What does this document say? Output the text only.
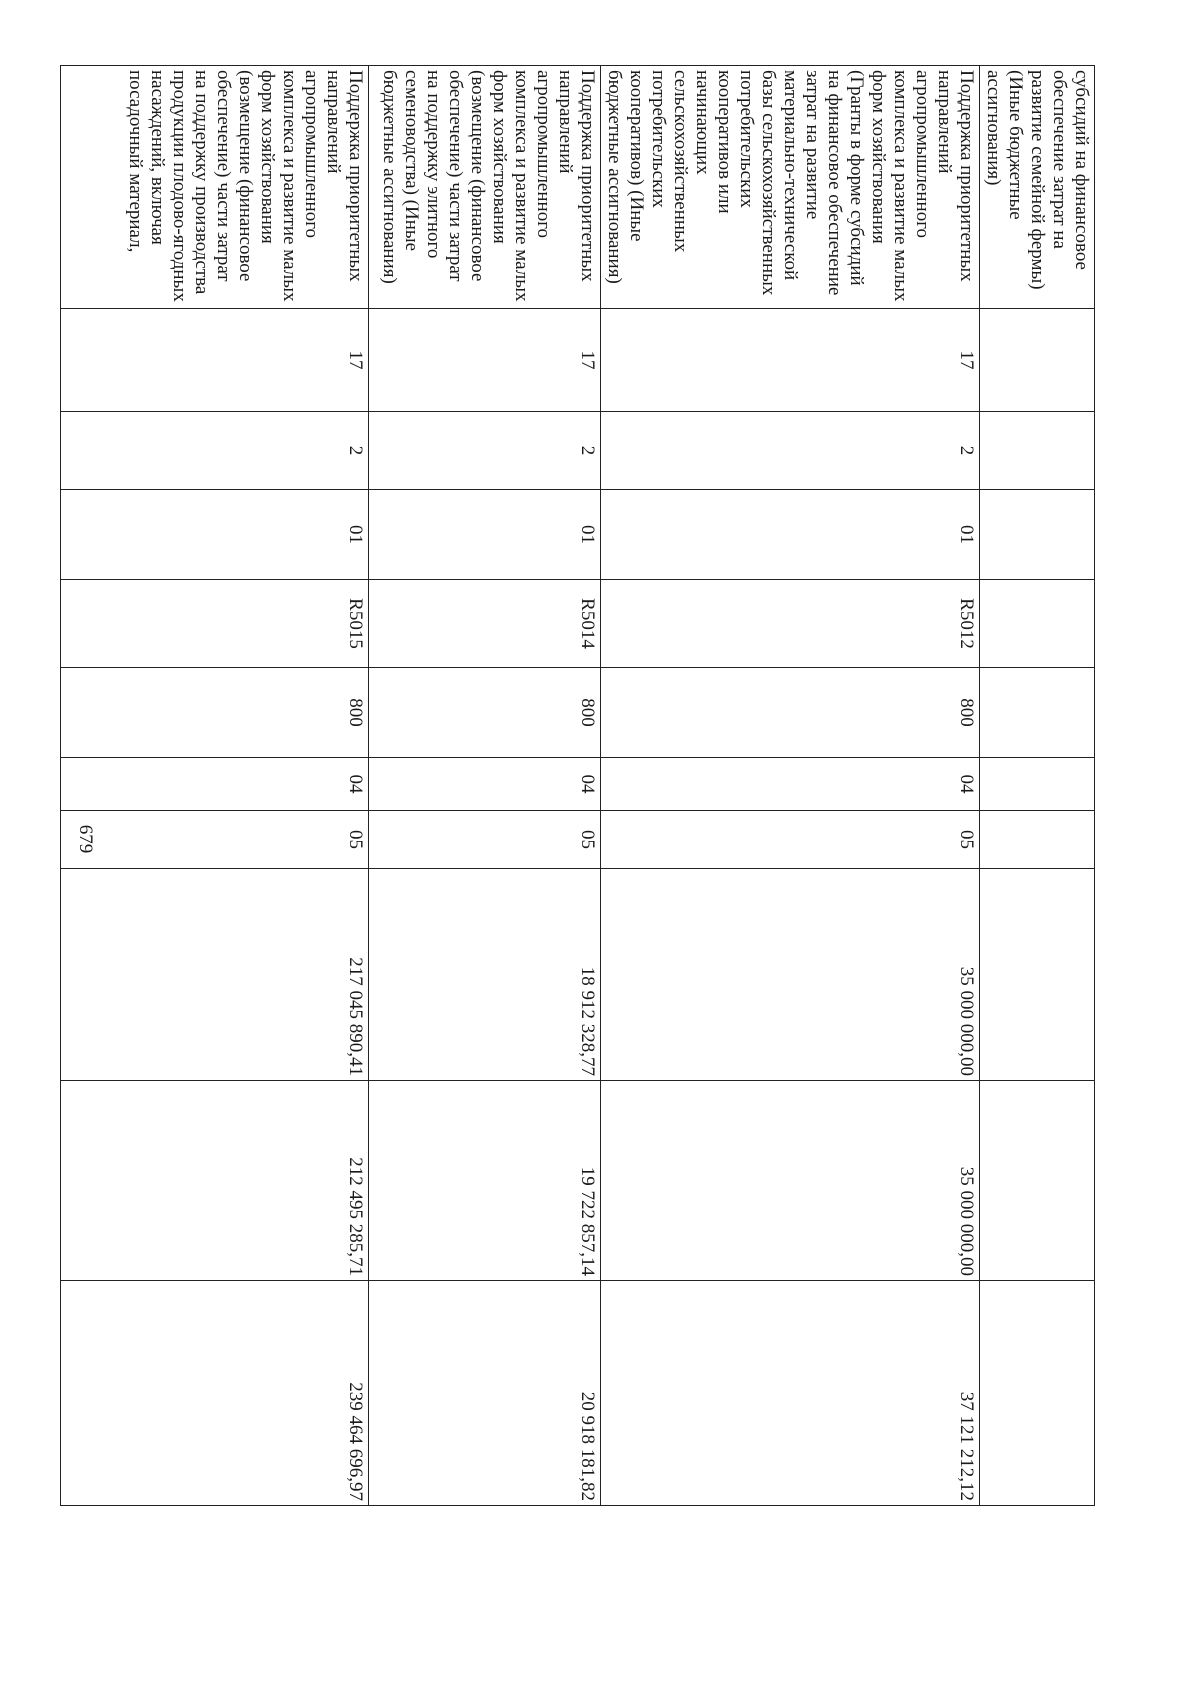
679
субсидий на финансовое обеспечение затрат на развитие семейной фермы) (Иные бюджетные ассигнования)										
Поддержка приоритетных направлений агропромышленного комплекса и развитие малых форм хозяйствования (Гранты в форме субсидий на финансовое обеспечение затрат на развитие материально-технической базы сельскохозяйственных потребительских кооперативов или начинающих сельскохозяйственных потребительских кооперативов) (Иные бюджетные ассигнования)	17	2	01	R5012	800	04	05	35 000 000,00	35 000 000,00	37 121 212,12
Поддержка приоритетных направлений агропромышленного комплекса и развитие малых форм хозяйствования (возмещение (финансовое обеспечение) части затрат на поддержку элитного семеноводства) (Иные бюджетные ассигнования)	17	2	01	R5014	800	04	05	18 912 328,77	19 722 857,14	20 918 181,82
Поддержка приоритетных направлений агропромышленного комплекса и развитие малых форм хозяйствования (возмещение (финансовое обеспечение) части затрат на поддержку производства продукции плодово-ягодных насаждений, включая посадочный материал,	17	2	01	R5015	800	04	05	217 045 890,41	212 495 285,71	239 464 696,97
